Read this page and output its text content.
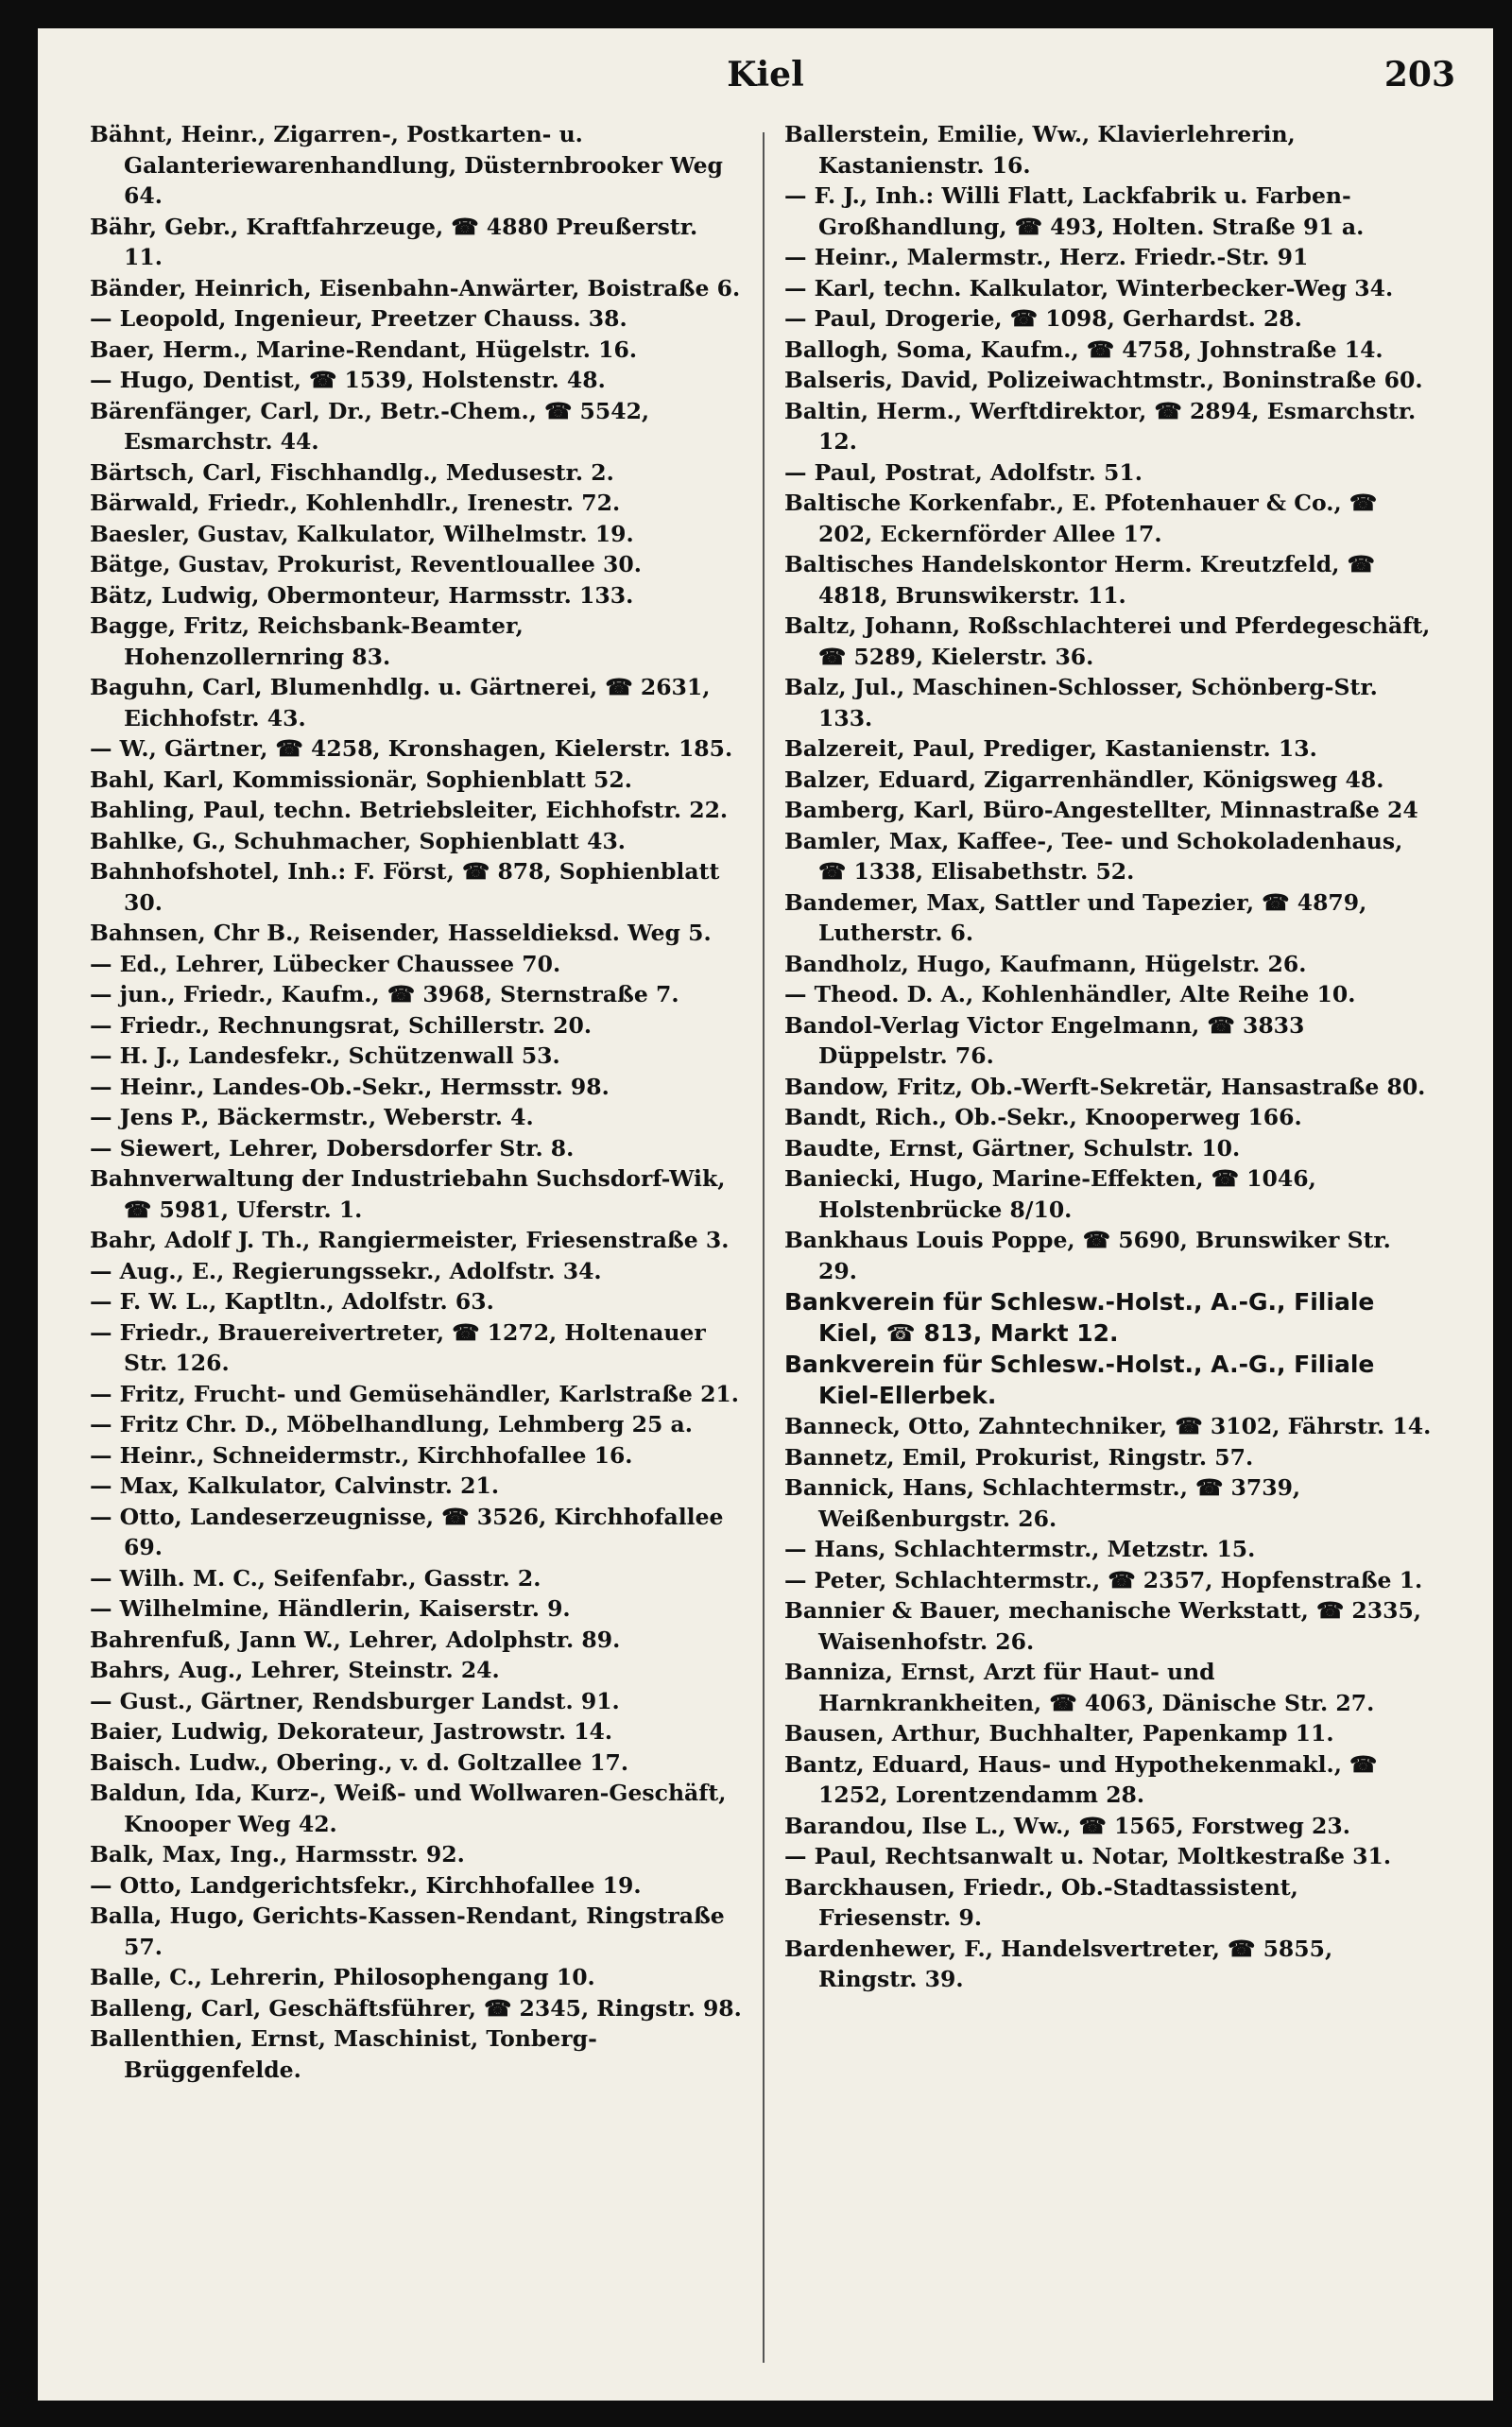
Kiel	203
Bähnt, Heinr., Zigarren-, Postkarten- u. Galanteriewarenhandlung, Düsternbrooker Weg 64.
Bähr, Gebr., Kraftfahrzeuge, ☎ 4880 Preußerstr. 11.
Bänder, Heinrich, Eisenbahn-Anwärter, Boistraße 6.
— Leopold, Ingenieur, Preetzer Chauss. 38.
Baer, Herm., Marine-Rendant, Hügelstr. 16.
— Hugo, Dentist, ☎ 1539, Holstenstr. 48.
Bärenfänger, Carl, Dr., Betr.-Chem., ☎ 5542, Esmarchstr. 44.
Bärtsch, Carl, Fischhandlg., Medusestr. 2.
Bärwald, Friedr., Kohlenhdlr., Irenestr. 72.
Baesler, Gustav, Kalkulator, Wilhelmstr. 19.
Bätge, Gustav, Prokurist, Reventlouallee 30.
Bätz, Ludwig, Obermonteur, Harmsstr. 133.
Bagge, Fritz, Reichsbank-Beamter, Hohenzollernring 83.
Baguhn, Carl, Blumenhdlg. u. Gärtnerei, ☎ 2631, Eichhofstr. 43.
— W., Gärtner, ☎ 4258, Kronshagen, Kielerstr. 185.
Bahl, Karl, Kommissionär, Sophienblatt 52.
Bahling, Paul, techn. Betriebsleiter, Eichhofstr. 22.
Bahlke, G., Schuhmacher, Sophienblatt 43.
Bahnhofshotel, Inh.: F. Först, ☎ 878, Sophienblatt 30.
Bahnsen, Chr B., Reisender, Hasseldieksd. Weg 5.
— Ed., Lehrer, Lübecker Chaussee 70.
— jun., Friedr., Kaufm., ☎ 3968, Sternstraße 7.
— Friedr., Rechnungsrat, Schillerstr. 20.
— H. J., Landesfekr., Schützenwall 53.
— Heinr., Landes-Ob.-Sekr., Hermsstr. 98.
— Jens P., Bäckermstr., Weberstr. 4.
— Siewert, Lehrer, Dobersdorfer Str. 8.
Bahnverwaltung der Industriebahn Suchsdorf-Wik, ☎ 5981, Uferstr. 1.
Bahr, Adolf J. Th., Rangiermeister, Friesenstraße 3.
— Aug., E., Regierungssekr., Adolfstr. 34.
— F. W. L., Kaptltn., Adolfstr. 63.
— Friedr., Brauereivertreter, ☎ 1272, Holtenauer Str. 126.
— Fritz, Frucht- und Gemüsehändler, Karlstraße 21.
— Fritz Chr. D., Möbelhandlung, Lehmberg 25 a.
— Heinr., Schneidermstr., Kirchhofallee 16.
— Max, Kalkulator, Calvinstr. 21.
— Otto, Landeserzeugnisse, ☎ 3526, Kirchhofallee 69.
— Wilh. M. C., Seifenfabr., Gasstr. 2.
— Wilhelmine, Händlerin, Kaiserstr. 9.
Bahrenfuß, Jann W., Lehrer, Adolphstr. 89.
Bahrs, Aug., Lehrer, Steinstr. 24.
— Gust., Gärtner, Rendsburger Landst. 91.
Baier, Ludwig, Dekorateur, Jastrowstr. 14.
Baisch. Ludw., Obering., v. d. Goltzallee 17.
Baldun, Ida, Kurz-, Weiß- und Wollwaren-Geschäft, Knooper Weg 42.
Balk, Max, Ing., Harmsstr. 92.
— Otto, Landgerichtsfekr., Kirchhofallee 19.
Balla, Hugo, Gerichts-Kassen-Rendant, Ringstraße 57.
Balle, C., Lehrerin, Philosophengang 10.
Balleng, Carl, Geschäftsführer, ☎ 2345, Ringstr. 98.
Ballenthien, Ernst, Maschinist, Tonberg-Brüggenfelde.
Ballerstein, Emilie, Ww., Klavierlehrerin, Kastanienstr. 16.
— F. J., Inh.: Willi Flatt, Lackfabrik u. Farben-Großhandlung, ☎ 493, Holten. Straße 91 a.
— Heinr., Malermstr., Herz. Friedr.-Str. 91
— Karl, techn. Kalkulator, Winterbecker-Weg 34.
— Paul, Drogerie, ☎ 1098, Gerhardst. 28.
Ballogh, Soma, Kaufm., ☎ 4758, Johnstraße 14.
Balseris, David, Polizeiwachtmstr., Boninstraße 60.
Baltin, Herm., Werftdirektor, ☎ 2894, Esmarchstr. 12.
— Paul, Postrat, Adolfstr. 51.
Baltische Korkenfabr., E. Pfotenhauer & Co., ☎ 202, Eckernförder Allee 17.
Baltisches Handelskontor Herm. Kreutzfeld, ☎ 4818, Brunswikerstr. 11.
Baltz, Johann, Roßschlachterei und Pferdegeschäft, ☎ 5289, Kielerstr. 36.
Balz, Jul., Maschinen-Schlosser, Schönberg-Str. 133.
Balzereit, Paul, Prediger, Kastanienstr. 13.
Balzer, Eduard, Zigarrenhändler, Königsweg 48.
Bamberg, Karl, Büro-Angestellter, Minnastraße 24
Bamler, Max, Kaffee-, Tee- und Schokoladenhaus, ☎ 1338, Elisabethstr. 52.
Bandemer, Max, Sattler und Tapezier, ☎ 4879, Lutherstr. 6.
Bandholz, Hugo, Kaufmann, Hügelstr. 26.
— Theod. D. A., Kohlenhändler, Alte Reihe 10.
Bandol-Verlag Victor Engelmann, ☎ 3833 Düppelstr. 76.
Bandow, Fritz, Ob.-Werft-Sekretär, Hansastraße 80.
Bandt, Rich., Ob.-Sekr., Knooperweg 166.
Baudte, Ernst, Gärtner, Schulstr. 10.
Baniecki, Hugo, Marine-Effekten, ☎ 1046, Holstenbrücke 8/10.
Bankhaus Louis Poppe, ☎ 5690, Brunswiker Str. 29.
Bankverein für Schlesw.-Holst., A.-G., Filiale Kiel, ☎ 813, Markt 12.
Bankverein für Schlesw.-Holst., A.-G., Filiale Kiel-Ellerbek.
Banneck, Otto, Zahntechniker, ☎ 3102, Fährstr. 14.
Bannetz, Emil, Prokurist, Ringstr. 57.
Bannick, Hans, Schlachtermstr., ☎ 3739, Weißenburgstr. 26.
— Hans, Schlachtermstr., Metzstr. 15.
— Peter, Schlachtermstr., ☎ 2357, Hopfenstraße 1.
Bannier & Bauer, mechanische Werkstatt, ☎ 2335, Waisenhofstr. 26.
Banniza, Ernst, Arzt für Haut- und Harnkrankheiten, ☎ 4063, Dänische Str. 27.
Bausen, Arthur, Buchhalter, Papenkamp 11.
Bantz, Eduard, Haus- und Hypothekenmakl., ☎ 1252, Lorentzendamm 28.
Barandou, Ilse L., Ww., ☎ 1565, Forstweg 23.
— Paul, Rechtsanwalt u. Notar, Moltkestraße 31.
Barckhausen, Friedr., Ob.-Stadtassistent, Friesenstr. 9.
Bardenhewer, F., Handelsvertreter, ☎ 5855, Ringstr. 39.
